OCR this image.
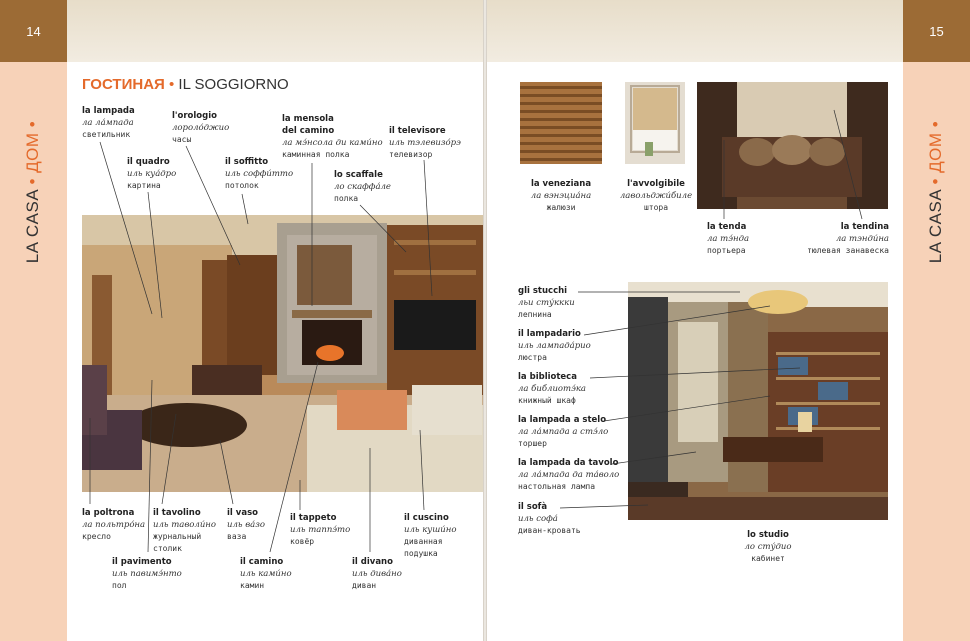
14
LA CASA • ДОМ •
ГОСТИНАЯ • IL SOGGIORNO
la lampada
ла ла́мпада
светильник
l'orologio
лороло́джио
часы
la mensola
del camino
ла мэ́нсола ди ками́но
каминная полка
il televisore
иль тэлевизо́рэ
телевизор
il quadro
иль куа́дро
картина
il soffitto
иль соффи́тто
потолок
lo scaffale
ло скаффа́ле
полка
la poltrona
ла польтро́на
кресло
il tavolino
иль таволи́но
журнальный
столик
il vaso
иль ва́зо
ваза
il tappeto
иль таппэ́то
ковёр
il cuscino
иль куши́но
диванная
подушка
il pavimento
иль павимэ́нто
пол
il camino
иль ками́но
камин
il divano
иль дива́но
диван
15
LA CASA • ДОМ •
la veneziana
ла вэнэциа́на
жалюзи
l'avvolgibile
лавольджи́биле
штора
la tenda
ла тэ́нда
портьера
la tendina
ла тэнди́на
тюлевая занавеска
gli stucchi
льи сту́ккки
лепнина
il lampadario
иль лампада́рио
люстра
la biblioteca
ла библиотэ́ка
книжный шкаф
la lampada a stelo
ла ла́мпада а стэ́ло
торшер
la lampada da tavolo
ла ла́мпада да та́воло
настольная лампа
il sofà
иль софа́
диван-кровать	lo studio
ло сту́дио
кабинет
